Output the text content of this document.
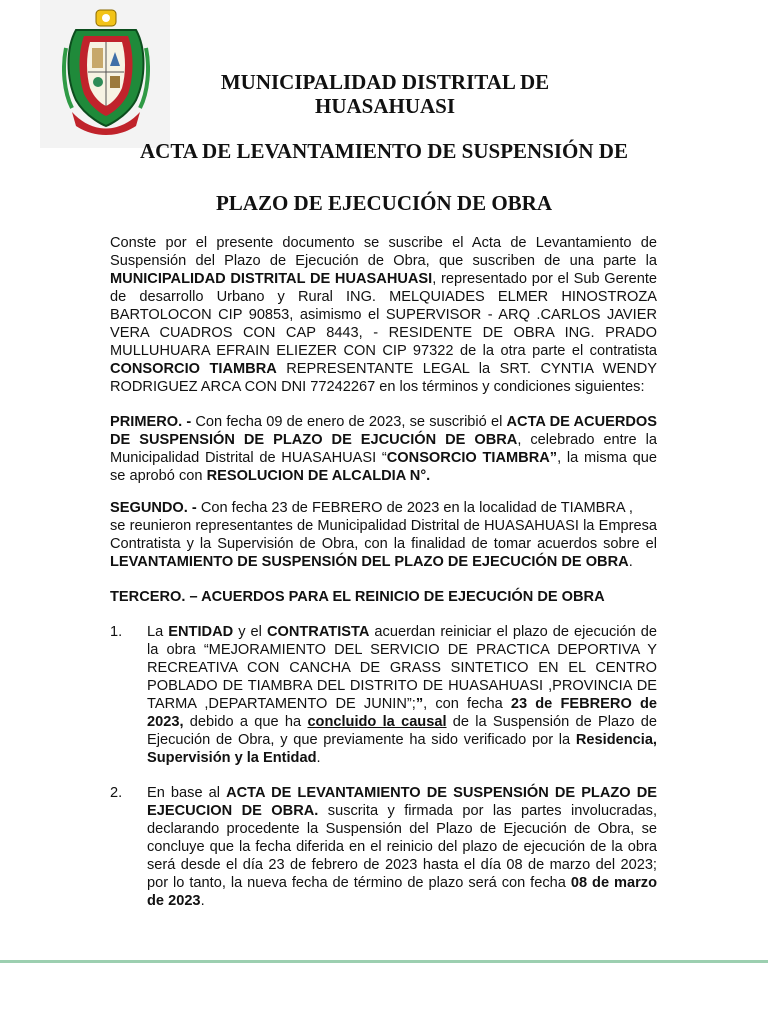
MUNICIPALIDAD DISTRITAL DE
HUASAHUASI
ACTA DE LEVANTAMIENTO DE SUSPENSIÓN DE
PLAZO DE EJECUCIÓN DE OBRA

Conste por el presente documento se suscribe el Acta de Levantamiento de Suspensión del Plazo de Ejecución de Obra, que suscriben de una parte la MUNICIPALIDAD DISTRITAL DE HUASAHUASI, representado por el Sub Gerente de desarrollo Urbano y Rural ING. MELQUIADES ELMER HINOSTROZA BARTOLOCON CIP 90853, asimismo el SUPERVISOR - ARQ .CARLOS JAVIER VERA CUADROS CON CAP 8443, - RESIDENTE DE OBRA ING. PRADO MULLUHUARA EFRAIN ELIEZER CON CIP 97322 de la otra parte el contratista CONSORCIO TIAMBRA REPRESENTANTE LEGAL la SRT. CYNTIA WENDY RODRIGUEZ ARCA CON DNI 77242267 en los términos y condiciones siguientes:

PRIMERO. - Con fecha 09 de enero de 2023, se suscribió el ACTA DE ACUERDOS DE SUSPENSIÓN DE PLAZO DE EJCUCIÓN DE OBRA, celebrado entre la Municipalidad Distrital de HUASAHUASI “CONSORCIO TIAMBRA”, la misma que se aprobó con RESOLUCION DE ALCALDIA N°.

SEGUNDO. - Con fecha 23 de FEBRERO de 2023 en la localidad de TIAMBRA ,
se reunieron representantes de Municipalidad Distrital de HUASAHUASI la Empresa Contratista y la Supervisión de Obra, con la finalidad de tomar acuerdos sobre el LEVANTAMIENTO DE SUSPENSIÓN DEL PLAZO DE EJECUCIÓN DE OBRA.

TERCERO. – ACUERDOS PARA EL REINICIO DE EJECUCIÓN DE OBRA

1. La ENTIDAD y el CONTRATISTA acuerdan reiniciar el plazo de ejecución de la obra “MEJORAMIENTO DEL SERVICIO DE PRACTICA DEPORTIVA Y RECREATIVA CON CANCHA DE GRASS SINTETICO EN EL CENTRO POBLADO DE TIAMBRA DEL DISTRITO DE HUASAHUASI ,PROVINCIA DE TARMA ,DEPARTAMENTO DE JUNIN”;”, con fecha 23 de FEBRERO de 2023, debido a que ha concluido la causal de la Suspensión de Plazo de Ejecución de Obra, y que previamente ha sido verificado por la Residencia, Supervisión y la Entidad.

2. En base al ACTA DE LEVANTAMIENTO DE SUSPENSIÓN DE PLAZO DE EJECUCION DE OBRA. suscrita y firmada por las partes involucradas, declarando procedente la Suspensión del Plazo de Ejecución de Obra, se concluye que la fecha diferida en el reinicio del plazo de ejecución de la obra será desde el día 23 de febrero de 2023 hasta el día 08 de marzo del 2023; por lo tanto, la nueva fecha de término de plazo será con fecha 08 de marzo de 2023.
